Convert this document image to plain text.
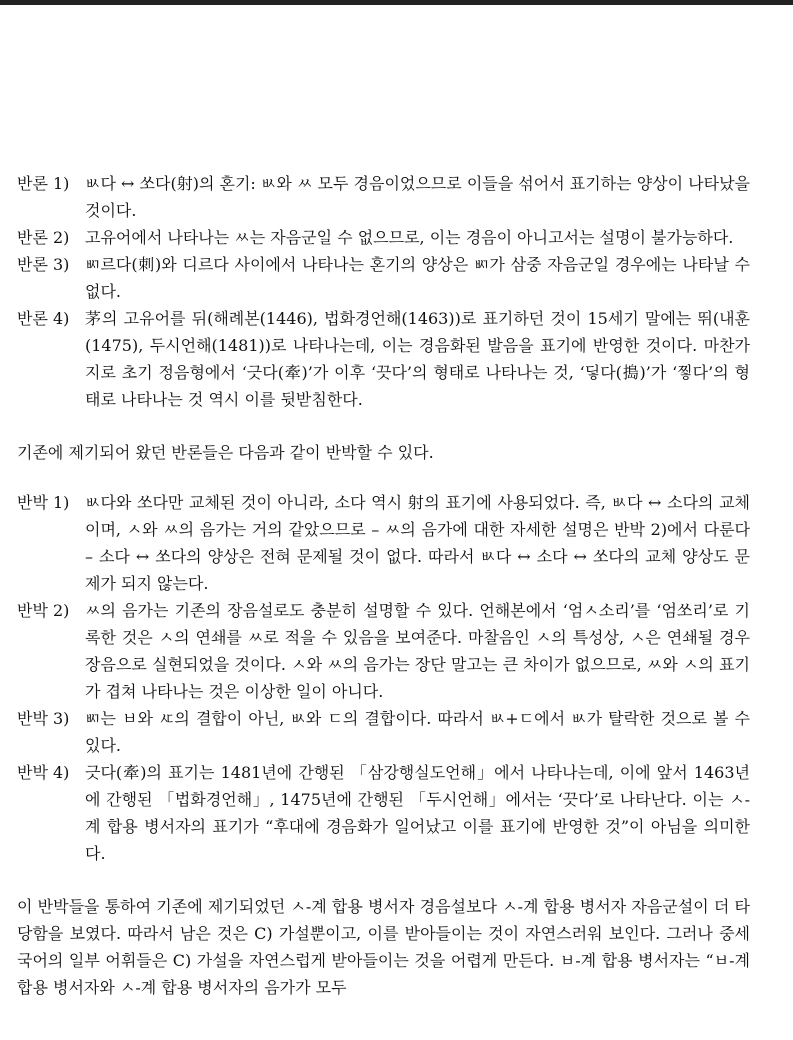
반론 1) ㅄ다 ↔ 쏘다(射)의 혼기: ㅄ와 ㅆ 모두 경음이었으므로 이들을 섞어서 표기하는 양상이 나타났을 것이다.
반론 2) 고유어에서 나타나는 ㅆ는 자음군일 수 없으므로, 이는 경음이 아니고서는 설명이 불가능하다.
반론 3) ㅴ르다(刺)와 디르다 사이에서 나타나는 혼기의 양상은 ㅴ가 삼중 자음군일 경우에는 나타날 수 없다.
반론 4) 茅의 고유어를 뒤(해례본(1446), 법화경언해(1463))로 표기하던 것이 15세기 말에는 뛰(내훈(1475), 두시언해(1481))로 나타나는데, 이는 경음화된 발음을 표기에 반영한 것이다. 마찬가지로 초기 정음형에서 ‘긋다(牽)’가 이후 ‘끗다’의 형태로 나타나는 것, ‘딯다(搗)’가 ‘찧다’의 형태로 나타나는 것 역시 이를 뒷받침한다.

기존에 제기되어 왔던 반론들은 다음과 같이 반박할 수 있다.

반박 1) ㅄ다와 쏘다만 교체된 것이 아니라, 소다 역시 射의 표기에 사용되었다. 즉, ㅄ다 ↔ 소다의 교체이며, ㅅ와 ㅆ의 음가는 거의 같았으므로 – ㅆ의 음가에 대한 자세한 설명은 반박 2)에서 다룬다 – 소다 ↔ 쏘다의 양상은 전혀 문제될 것이 없다. 따라서 ㅄ다 ↔ 소다 ↔ 쏘다의 교체 양상도 문제가 되지 않는다.
반박 2) ㅆ의 음가는 기존의 장음설로도 충분히 설명할 수 있다. 언해본에서 ‘엄ㅅ소리’를 ‘엄쏘리’로 기록한 것은 ㅅ의 연쇄를 ㅆ로 적을 수 있음을 보여준다. 마찰음인 ㅅ의 특성상, ㅅ은 연쇄될 경우 장음으로 실현되었을 것이다. ㅅ와 ㅆ의 음가는 장단 말고는 큰 차이가 없으므로, ㅆ와 ㅅ의 표기가 겹쳐 나타나는 것은 이상한 일이 아니다.
반박 3) ㅴ는 ㅂ와 ㅼ의 결합이 아닌, ㅄ와 ㄷ의 결합이다. 따라서 ㅄ+ㄷ에서 ㅄ가 탈락한 것으로 볼 수 있다.
반박 4) 긋다(牽)의 표기는 1481년에 간행된 「삼강행실도언해」에서 나타나는데, 이에 앞서 1463년에 간행된 「법화경언해」, 1475년에 간행된 「두시언해」에서는 ‘끗다’로 나타난다. 이는 ㅅ-계 합용 병서자의 표기가 “후대에 경음화가 일어났고 이를 표기에 반영한 것”이 아님을 의미한다.

이 반박들을 통하여 기존에 제기되었던 ㅅ-계 합용 병서자 경음설보다 ㅅ-계 합용 병서자 자음군설이 더 타당함을 보였다. 따라서 남은 것은 C) 가설뿐이고, 이를 받아들이는 것이 자연스러워 보인다. 그러나 중세 국어의 일부 어휘들은 C) 가설을 자연스럽게 받아들이는 것을 어렵게 만든다. ㅂ-계 합용 병서자는 “ㅂ-계 합용 병서자와 ㅅ-계 합용 병서자의 음가가 모두
